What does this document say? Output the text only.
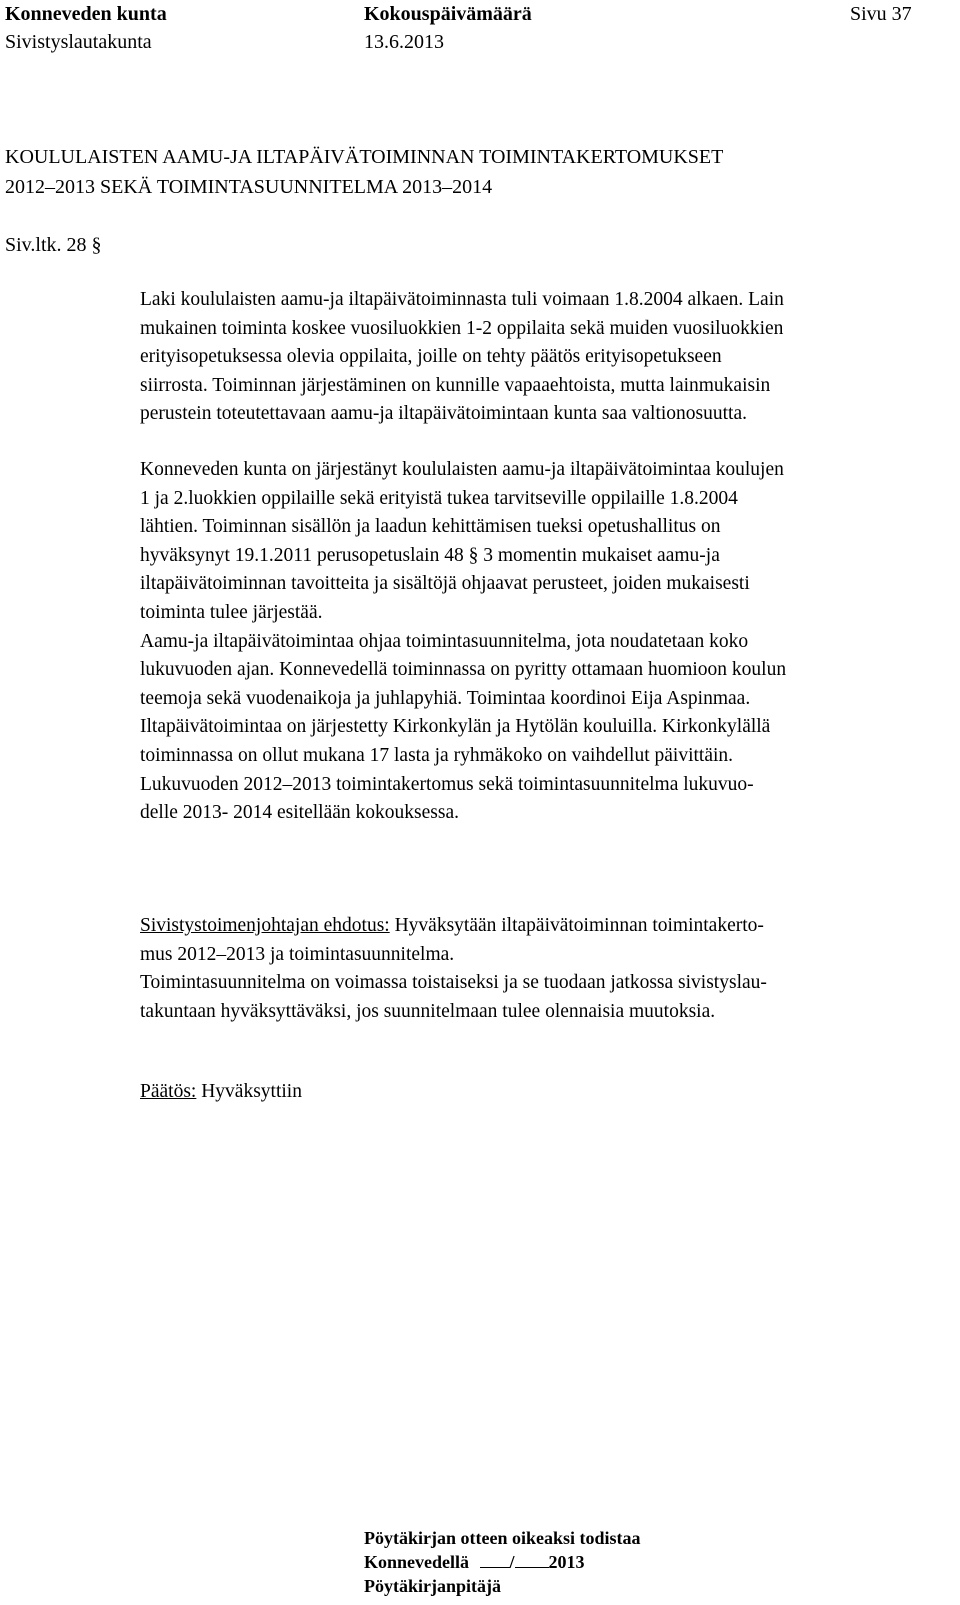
Konneveden kunta	Kokouspäivämäärä	Sivu 37
Sivistyslautakunta	13.6.2013
KOULULAISTEN AAMU-JA ILTAPÄIVÄTOIMINNAN TOIMINTAKERTOMUKSET
2012–2013 SEKÄ TOIMINTASUUNNITELMA 2013–2014
Siv.ltk. 28 §
Laki koululaisten aamu-ja iltapäivätoiminnasta tuli voimaan 1.8.2004 alkaen. Lain
mukainen toiminta koskee vuosiluokkien 1-2 oppilaita sekä muiden vuosiluokkien
erityisopetuksessa olevia oppilaita, joille on tehty päätös erityisopetukseen
siirrosta. Toiminnan järjestäminen on kunnille vapaaehtoista, mutta lainmukaisin
perustein toteutettavaan aamu-ja iltapäivätoimintaan kunta saa valtionosuutta.
Konneveden kunta on järjestänyt koululaisten aamu-ja iltapäivätoimintaa koulujen
1 ja 2.luokkien oppilaille sekä erityistä tukea tarvitseville oppilaille 1.8.2004
lähtien. Toiminnan sisällön ja laadun kehittämisen tueksi opetushallitus on
hyväksynyt 19.1.2011 perusopetuslain 48 § 3 momentin mukaiset aamu-ja
iltapäivätoiminnan tavoitteita ja sisältöjä ohjaavat perusteet, joiden mukaisesti
toiminta tulee järjestää.
Aamu-ja iltapäivätoimintaa ohjaa toimintasuunnitelma, jota noudatetaan koko
lukuvuoden ajan. Konnevedellä toiminnassa on pyritty ottamaan huomioon koulun
teemoja sekä vuodenaikoja ja juhlapyhiä. Toimintaa koordinoi Eija Aspinmaa.
Iltapäivätoimintaa on järjestetty Kirkonkylän ja Hytölän kouluilla. Kirkonkylällä
toiminnassa on ollut mukana 17 lasta ja ryhmäkoko on vaihdellut päivittäin.
Lukuvuoden 2012–2013 toimintakertomus sekä toimintasuunnitelma lukuvuo-
delle 2013- 2014 esitellään kokouksessa.
Sivistystoimenjohtajan ehdotus: Hyväksytään iltapäivätoiminnan toimintakerto-
mus 2012–2013 ja toimintasuunnitelma.
Toimintasuunnitelma on voimassa toistaiseksi ja se tuodaan jatkossa sivistyslau-
takuntaan hyväksyttäväksi, jos suunnitelmaan tulee olennaisia muutoksia.
Päätös: Hyväksyttiin
Pöytäkirjan otteen oikeaksi todistaa
Konnevedellä / 2013
Pöytäkirjanpitäjä
